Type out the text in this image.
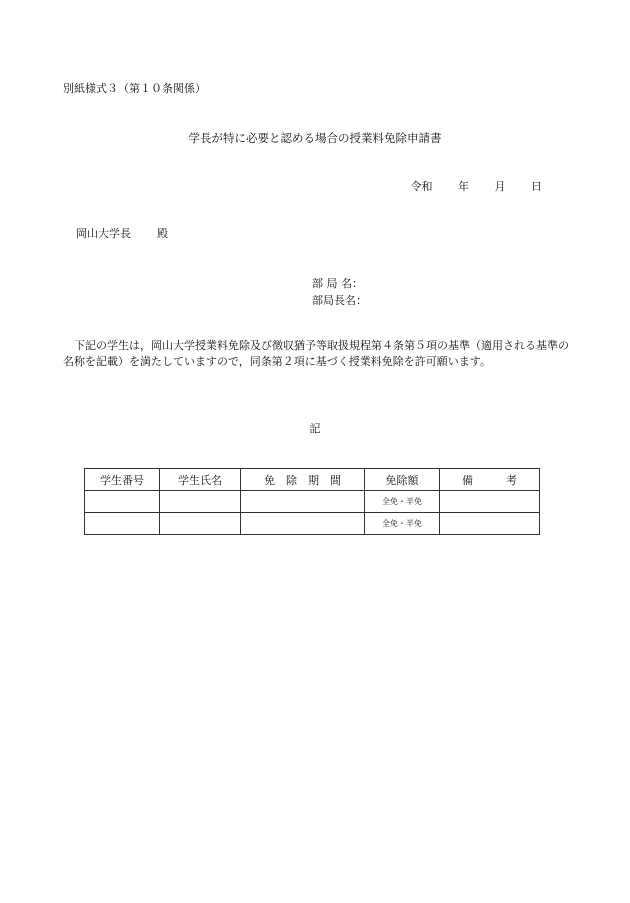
別紙様式３（第１０条関係）
学長が特に必要と認める場合の授業料免除申請書
令和 年 月 日
岡山大学長 殿
部 局 名：
部局長名：
下記の学生は，岡山大学授業料免除及び徴収猶予等取扱規程第４条第５項の基準（適用される基準の名称を記載）を満たしていますので，同条第２項に基づく授業料免除を許可願います。
記
学生番号	学生氏名	免　除　期　間	免除額	備　　　考
			全免・半免	
			全免・半免	
